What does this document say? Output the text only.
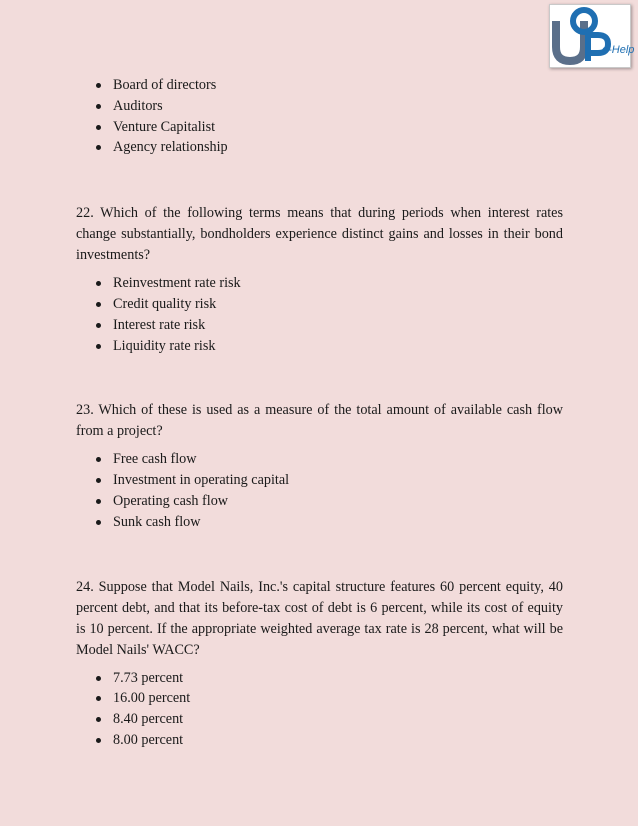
e-Help
Board of directors
Auditors
Venture Capitalist
Agency relationship

22. Which of the following terms means that during periods when interest rates change substantially, bondholders experience distinct gains and losses in their bond investments?

Reinvestment rate risk
Credit quality risk
Interest rate risk
Liquidity rate risk

23. Which of these is used as a measure of the total amount of available cash flow from a project?

Free cash flow
Investment in operating capital
Operating cash flow
Sunk cash flow

24. Suppose that Model Nails, Inc.'s capital structure features 60 percent equity, 40 percent debt, and that its before-tax cost of debt is 6 percent, while its cost of equity is 10 percent. If the appropriate weighted average tax rate is 28 percent, what will be Model Nails' WACC?

7.73 percent
16.00 percent
8.40 percent
8.00 percent
